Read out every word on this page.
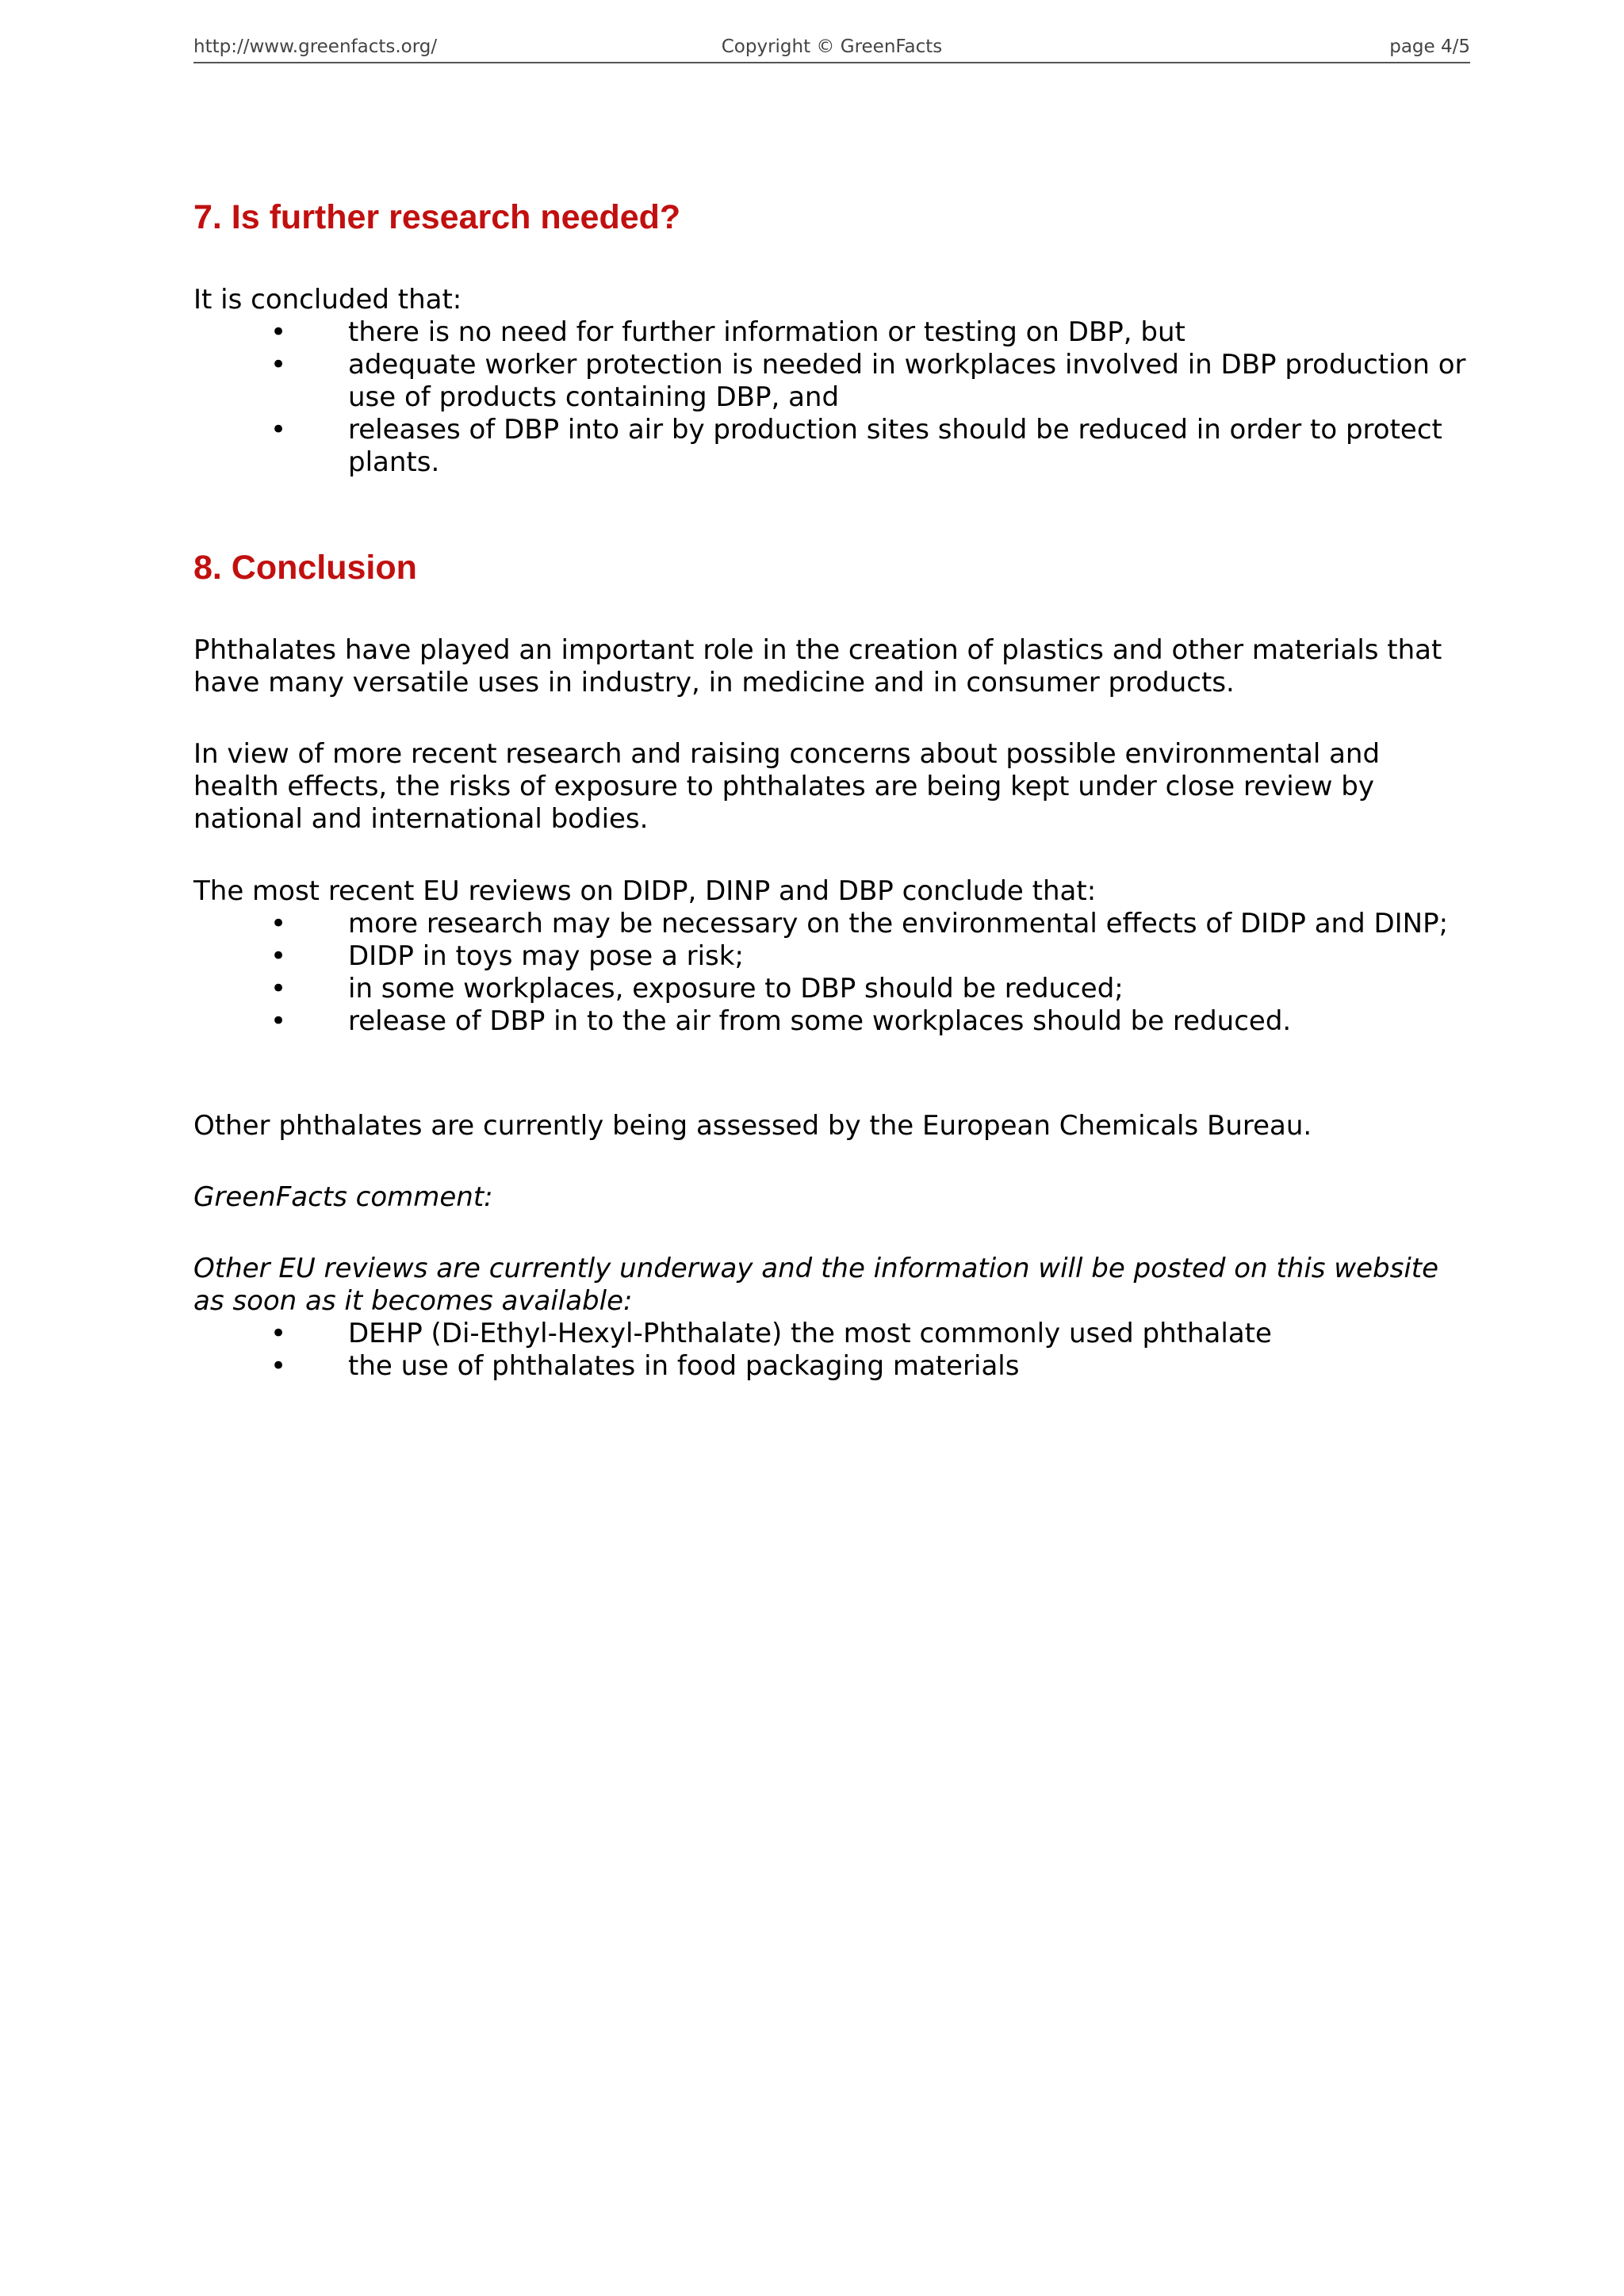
http://www.greenfacts.org/	Copyright © GreenFacts	page 4/5
7. Is further research needed?

It is concluded that:

• there is no need for further information or testing on DBP, but
• adequate worker protection is needed in workplaces involved in DBP production or use of products containing DBP, and
• releases of DBP into air by production sites should be reduced in order to protect plants.
8. Conclusion

Phthalates have played an important role in the creation of plastics and other materials that have many versatile uses in industry, in medicine and in consumer products.

In view of more recent research and raising concerns about possible environmental and health effects, the risks of exposure to phthalates are being kept under close review by national and international bodies.

The most recent EU reviews on DIDP, DINP and DBP conclude that:

• more research may be necessary on the environmental effects of DIDP and DINP;
• DIDP in toys may pose a risk;
• in some workplaces, exposure to DBP should be reduced;
• release of DBP in to the air from some workplaces should be reduced.

Other phthalates are currently being assessed by the European Chemicals Bureau.

GreenFacts comment:

Other EU reviews are currently underway and the information will be posted on this website as soon as it becomes available:

• DEHP (Di-Ethyl-Hexyl-Phthalate) the most commonly used phthalate
• the use of phthalates in food packaging materials
